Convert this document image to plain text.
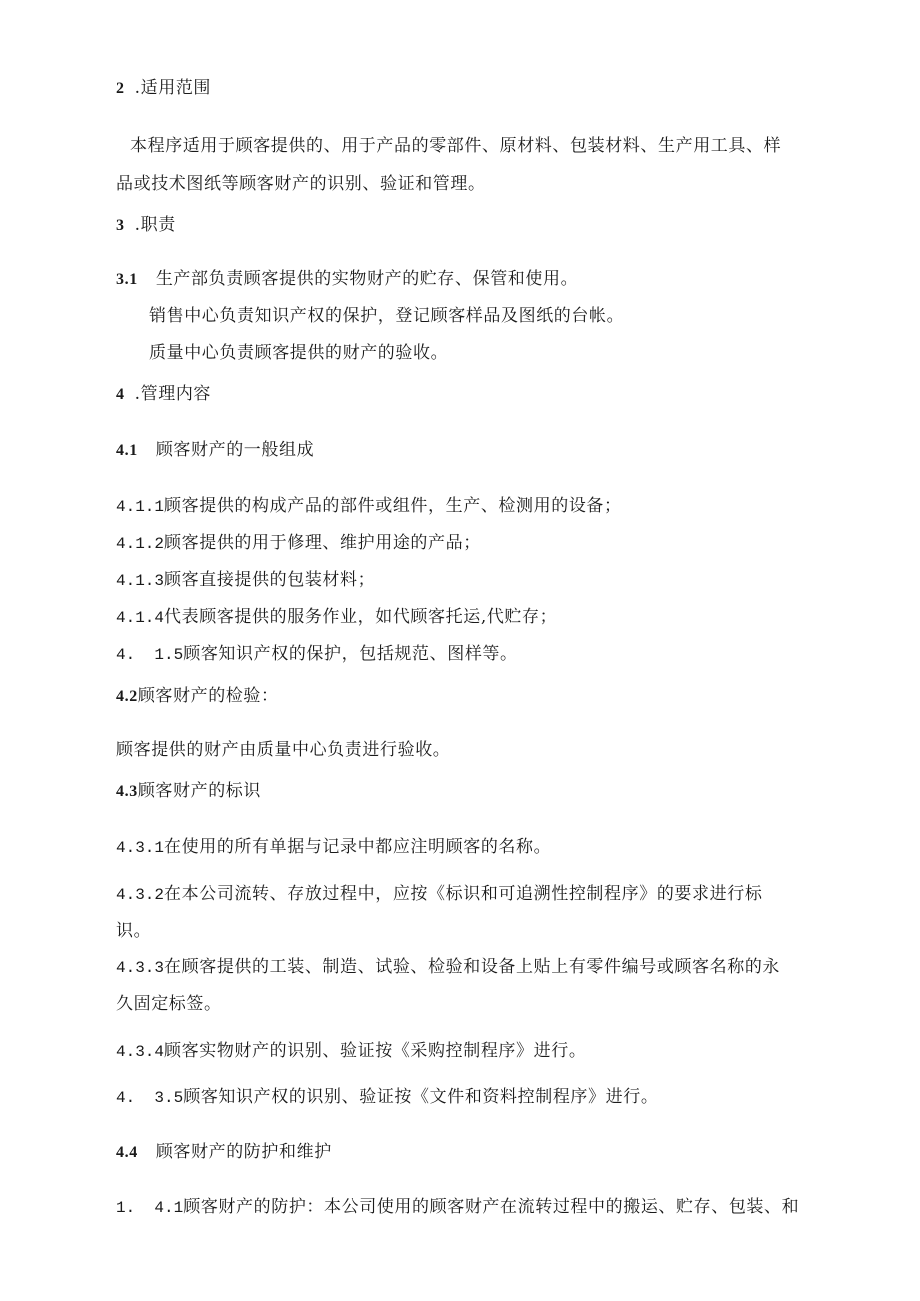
2 .适用范围
本程序适用于顾客提供的、用于产品的零部件、原材料、包装材料、生产用工具、样
品或技术图纸等顾客财产的识别、验证和管理。
3 .职责
3.1 生产部负责顾客提供的实物财产的贮存、保管和使用。
销售中心负责知识产权的保护，登记顾客样品及图纸的台帐。
质量中心负责顾客提供的财产的验收。
4 .管理内容
4.1 顾客财产的一般组成
4.1.1顾客提供的构成产品的部件或组件，生产、检测用的设备；
4.1.2顾客提供的用于修理、维护用途的产品；
4.1.3顾客直接提供的包装材料；
4.1.4代表顾客提供的服务作业，如代顾客托运,代贮存；
4.  1.5顾客知识产权的保护，包括规范、图样等。
4.2顾客财产的检验：
顾客提供的财产由质量中心负责进行验收。
4.3顾客财产的标识
4.3.1在使用的所有单据与记录中都应注明顾客的名称。
4.3.2在本公司流转、存放过程中，应按《标识和可追溯性控制程序》的要求进行标
识。
4.3.3在顾客提供的工装、制造、试验、检验和设备上贴上有零件编号或顾客名称的永
久固定标签。
4.3.4顾客实物财产的识别、验证按《采购控制程序》进行。
4.  3.5顾客知识产权的识别、验证按《文件和资料控制程序》进行。
4.4 顾客财产的防护和维护
1.  4.1顾客财产的防护：本公司使用的顾客财产在流转过程中的搬运、贮存、包装、和
